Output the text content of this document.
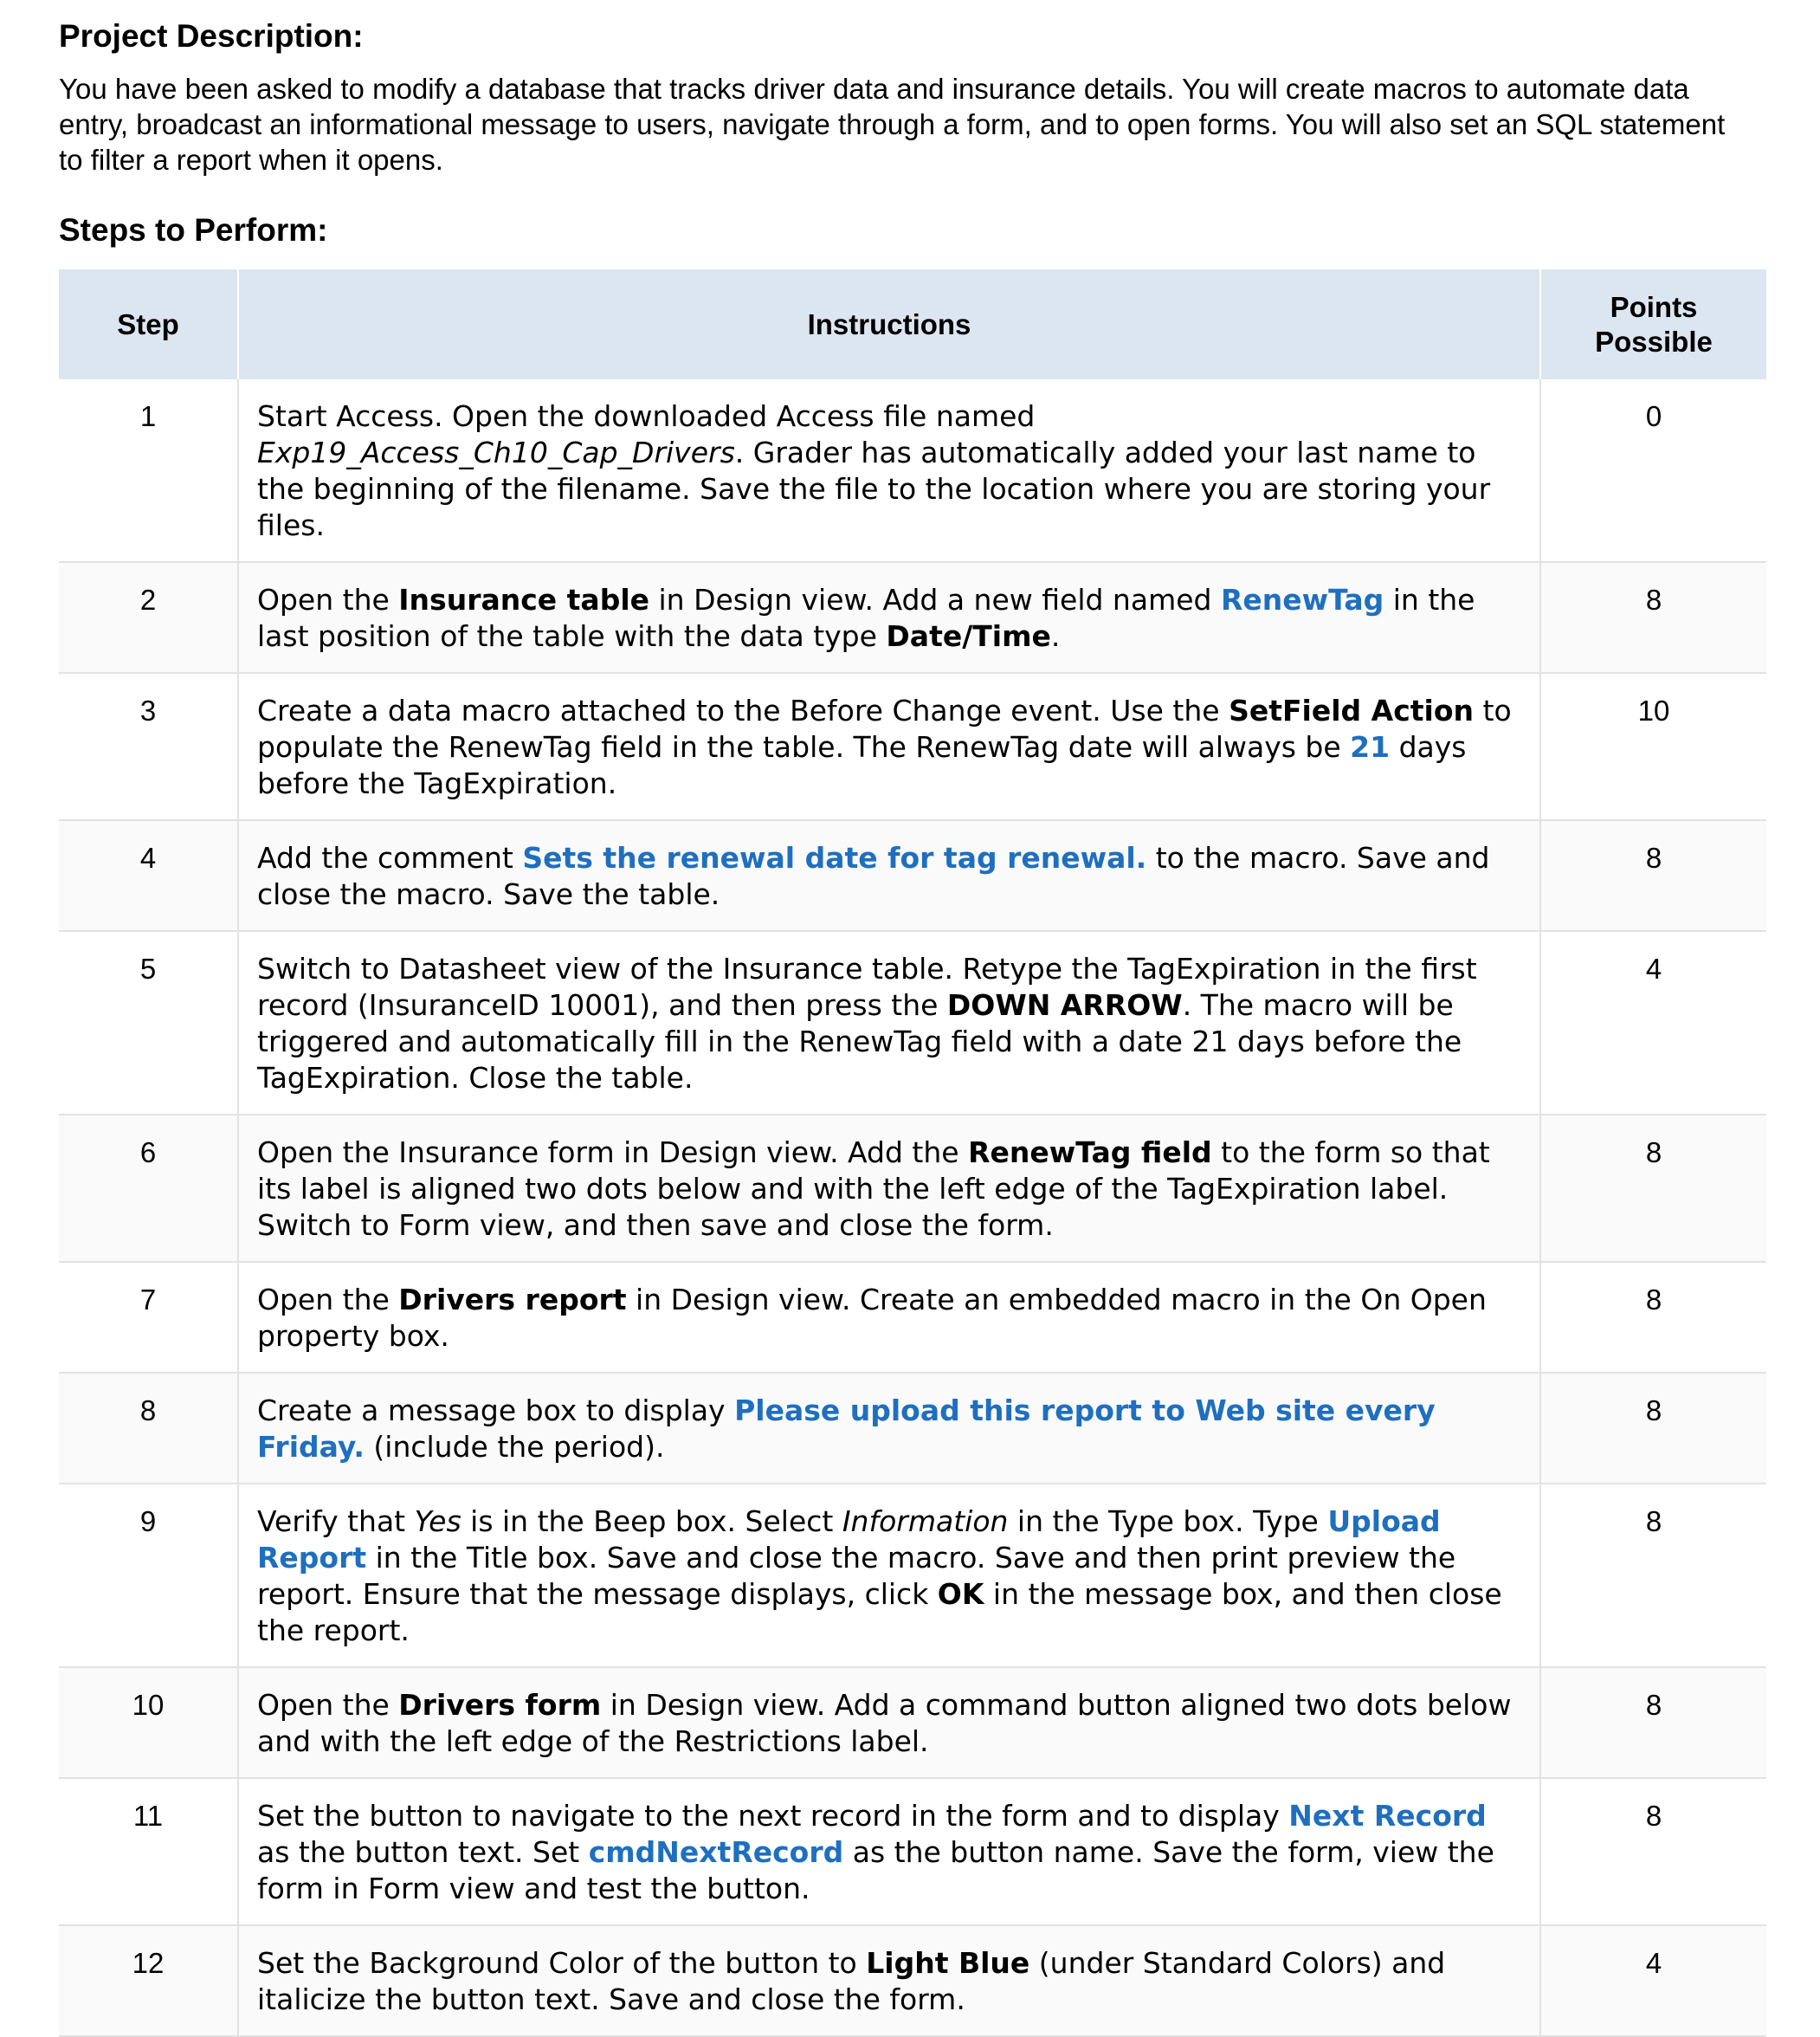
Project Description:

You have been asked to modify a database that tracks driver data and insurance details. You will create macros to automate data entry, broadcast an informational message to users, navigate through a form, and to open forms. You will also set an SQL statement to filter a report when it opens.

Steps to Perform:
Step	Instructions	Points Possible
1	Start Access. Open the downloaded Access file named Exp19_Access_Ch10_Cap_Drivers. Grader has automatically added your last name to the beginning of the filename. Save the file to the location where you are storing your files.	0
2	Open the Insurance table in Design view. Add a new field named RenewTag in the last position of the table with the data type Date/Time.	8
3	Create a data macro attached to the Before Change event. Use the SetField Action to populate the RenewTag field in the table. The RenewTag date will always be 21 days before the TagExpiration.	10
4	Add the comment Sets the renewal date for tag renewal. to the macro. Save and close the macro. Save the table.	8
5	Switch to Datasheet view of the Insurance table. Retype the TagExpiration in the first record (InsuranceID 10001), and then press the DOWN ARROW. The macro will be triggered and automatically fill in the RenewTag field with a date 21 days before the TagExpiration. Close the table.	4
6	Open the Insurance form in Design view. Add the RenewTag field to the form so that its label is aligned two dots below and with the left edge of the TagExpiration label. Switch to Form view, and then save and close the form.	8
7	Open the Drivers report in Design view. Create an embedded macro in the On Open property box.	8
8	Create a message box to display Please upload this report to Web site every Friday. (include the period).	8
9	Verify that Yes is in the Beep box. Select Information in the Type box. Type Upload Report in the Title box. Save and close the macro. Save and then print preview the report. Ensure that the message displays, click OK in the message box, and then close the report.	8
10	Open the Drivers form in Design view. Add a command button aligned two dots below and with the left edge of the Restrictions label.	8
11	Set the button to navigate to the next record in the form and to display Next Record as the button text. Set cmdNextRecord as the button name. Save the form, view the form in Form view and test the button.	8
12	Set the Background Color of the button to Light Blue (under Standard Colors) and italicize the button text. Save and close the form.	4
